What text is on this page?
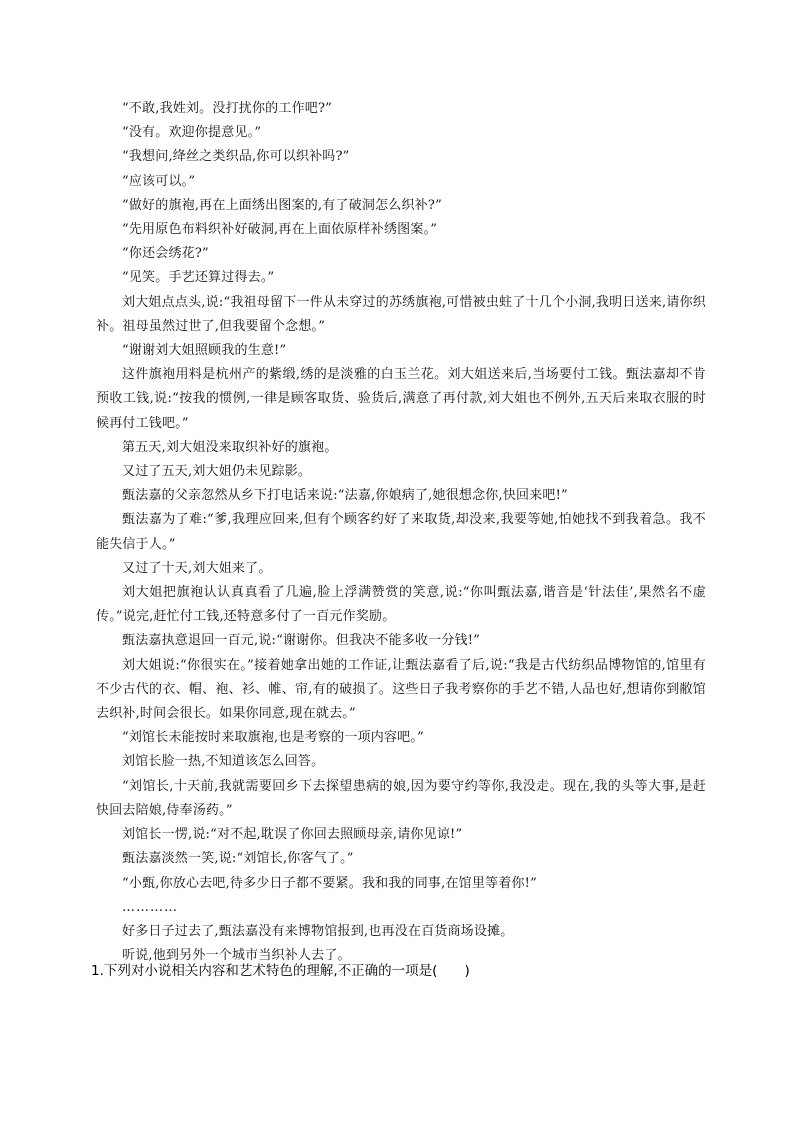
“不敢,我姓刘。没打扰你的工作吧?”

“没有。欢迎你提意见。”

“我想问,绛丝之类织品,你可以织补吗?”

“应该可以。”

“做好的旗袍,再在上面绣出图案的,有了破洞怎么织补?”

“先用原色布料织补好破洞,再在上面依原样补绣图案。”

“你还会绣花?”

“见笑。手艺还算过得去。”

刘大姐点点头,说:“我祖母留下一件从未穿过的苏绣旗袍,可惜被虫蛀了十几个小洞,我明日送来,请你织补。祖母虽然过世了,但我要留个念想。”

“谢谢刘大姐照顾我的生意!”

这件旗袍用料是杭州产的紫缎,绣的是淡雅的白玉兰花。刘大姐送来后,当场要付工钱。甄法嘉却不肯预收工钱,说:“按我的惯例,一律是顾客取货、验货后,满意了再付款,刘大姐也不例外,五天后来取衣服的时候再付工钱吧。”

第五天,刘大姐没来取织补好的旗袍。

又过了五天,刘大姐仍未见踪影。

甄法嘉的父亲忽然从乡下打电话来说:“法嘉,你娘病了,她很想念你,快回来吧!”

甄法嘉为了难:“爹,我理应回来,但有个顾客约好了来取货,却没来,我要等她,怕她找不到我着急。我不能失信于人。”

又过了十天,刘大姐来了。

刘大姐把旗袍认认真真看了几遍,脸上浮满赞赏的笑意,说:“你叫甄法嘉,谐音是‘针法佳’,果然名不虚传。”说完,赶忙付工钱,还特意多付了一百元作奖励。

甄法嘉执意退回一百元,说:“谢谢你。但我决不能多收一分钱!”

刘大姐说:“你很实在。”接着她拿出她的工作证,让甄法嘉看了后,说:“我是古代纺织品博物馆的,馆里有不少古代的衣、帽、袍、衫、帷、帘,有的破损了。这些日子我考察你的手艺不错,人品也好,想请你到敝馆去织补,时间会很长。如果你同意,现在就去。”

“刘馆长未能按时来取旗袍,也是考察的一项内容吧。”

刘馆长脸一热,不知道该怎么回答。

“刘馆长,十天前,我就需要回乡下去探望患病的娘,因为要守约等你,我没走。现在,我的头等大事,是赶快回去陪娘,侍奉汤药。”

刘馆长一愣,说:“对不起,耽误了你回去照顾母亲,请你见谅!”

甄法嘉淡然一笑,说:“刘馆长,你客气了。”

“小甄,你放心去吧,待多少日子都不要紧。我和我的同事,在馆里等着你!”

…………

好多日子过去了,甄法嘉没有来博物馆报到,也再没在百货商场设摊。

听说,他到另外一个城市当织补人去了。

1.下列对小说相关内容和艺术特色的理解,不正确的一项是(　　)
